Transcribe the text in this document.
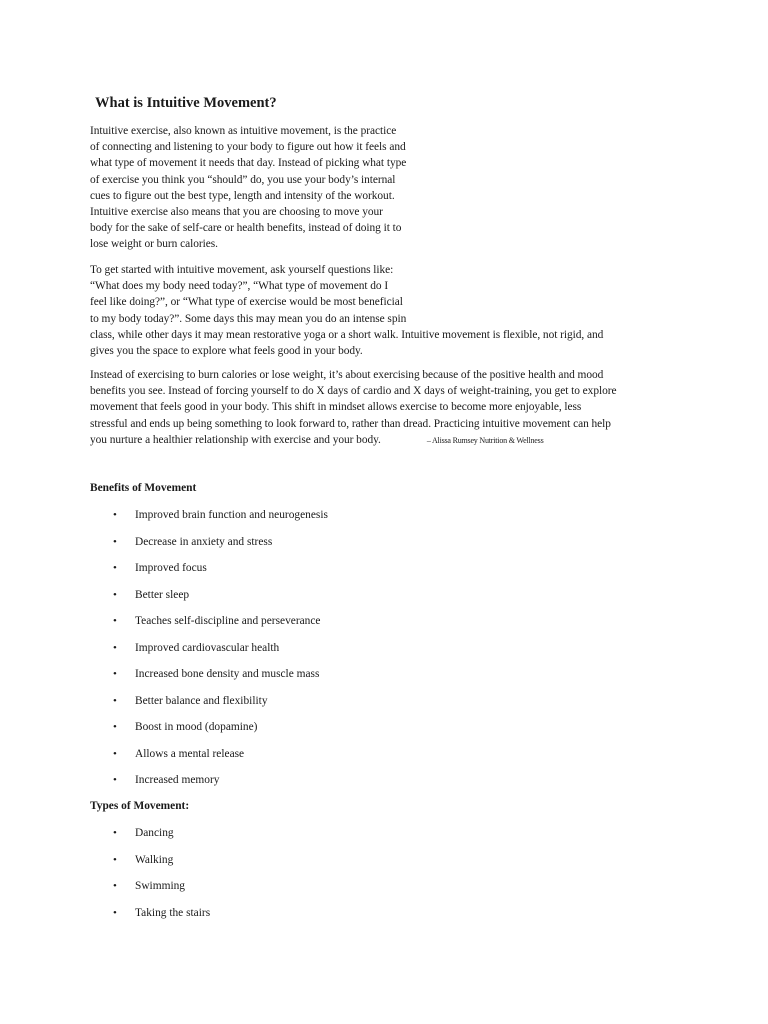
What is Intuitive Movement?

Intuitive exercise, also known as intuitive movement, is the practice
of connecting and listening to your body to figure out how it feels and
what type of movement it needs that day. Instead of picking what type
of exercise you think you “should” do, you use your body’s internal
cues to figure out the best type, length and intensity of the workout.
Intuitive exercise also means that you are choosing to move your
body for the sake of self-care or health benefits, instead of doing it to
lose weight or burn calories.

To get started with intuitive movement, ask yourself questions like:
“What does my body need today?”, “What type of movement do I
feel like doing?”, or “What type of exercise would be most beneficial
to my body today?”. Some days this may mean you do an intense spin
class, while other days it may mean restorative yoga or a short walk. Intuitive movement is flexible, not rigid, and
gives you the space to explore what feels good in your body.

Instead of exercising to burn calories or lose weight, it’s about exercising because of the positive health and mood
benefits you see. Instead of forcing yourself to do X days of cardio and X days of weight-training, you get to explore
movement that feels good in your body. This shift in mindset allows exercise to become more enjoyable, less
stressful and ends up being something to look forward to, rather than dread. Practicing intuitive movement can help
you nurture a healthier relationship with exercise and your body.	– Alissa Rumsey Nutrition & Wellness

Benefits of Movement
• Improved brain function and neurogenesis
• Decrease in anxiety and stress
• Improved focus
• Better sleep
• Teaches self-discipline and perseverance
• Improved cardiovascular health
• Increased bone density and muscle mass
• Better balance and flexibility
• Boost in mood (dopamine)
• Allows a mental release
• Increased memory
Types of Movement:
• Dancing
• Walking
• Swimming
• Taking the stairs
